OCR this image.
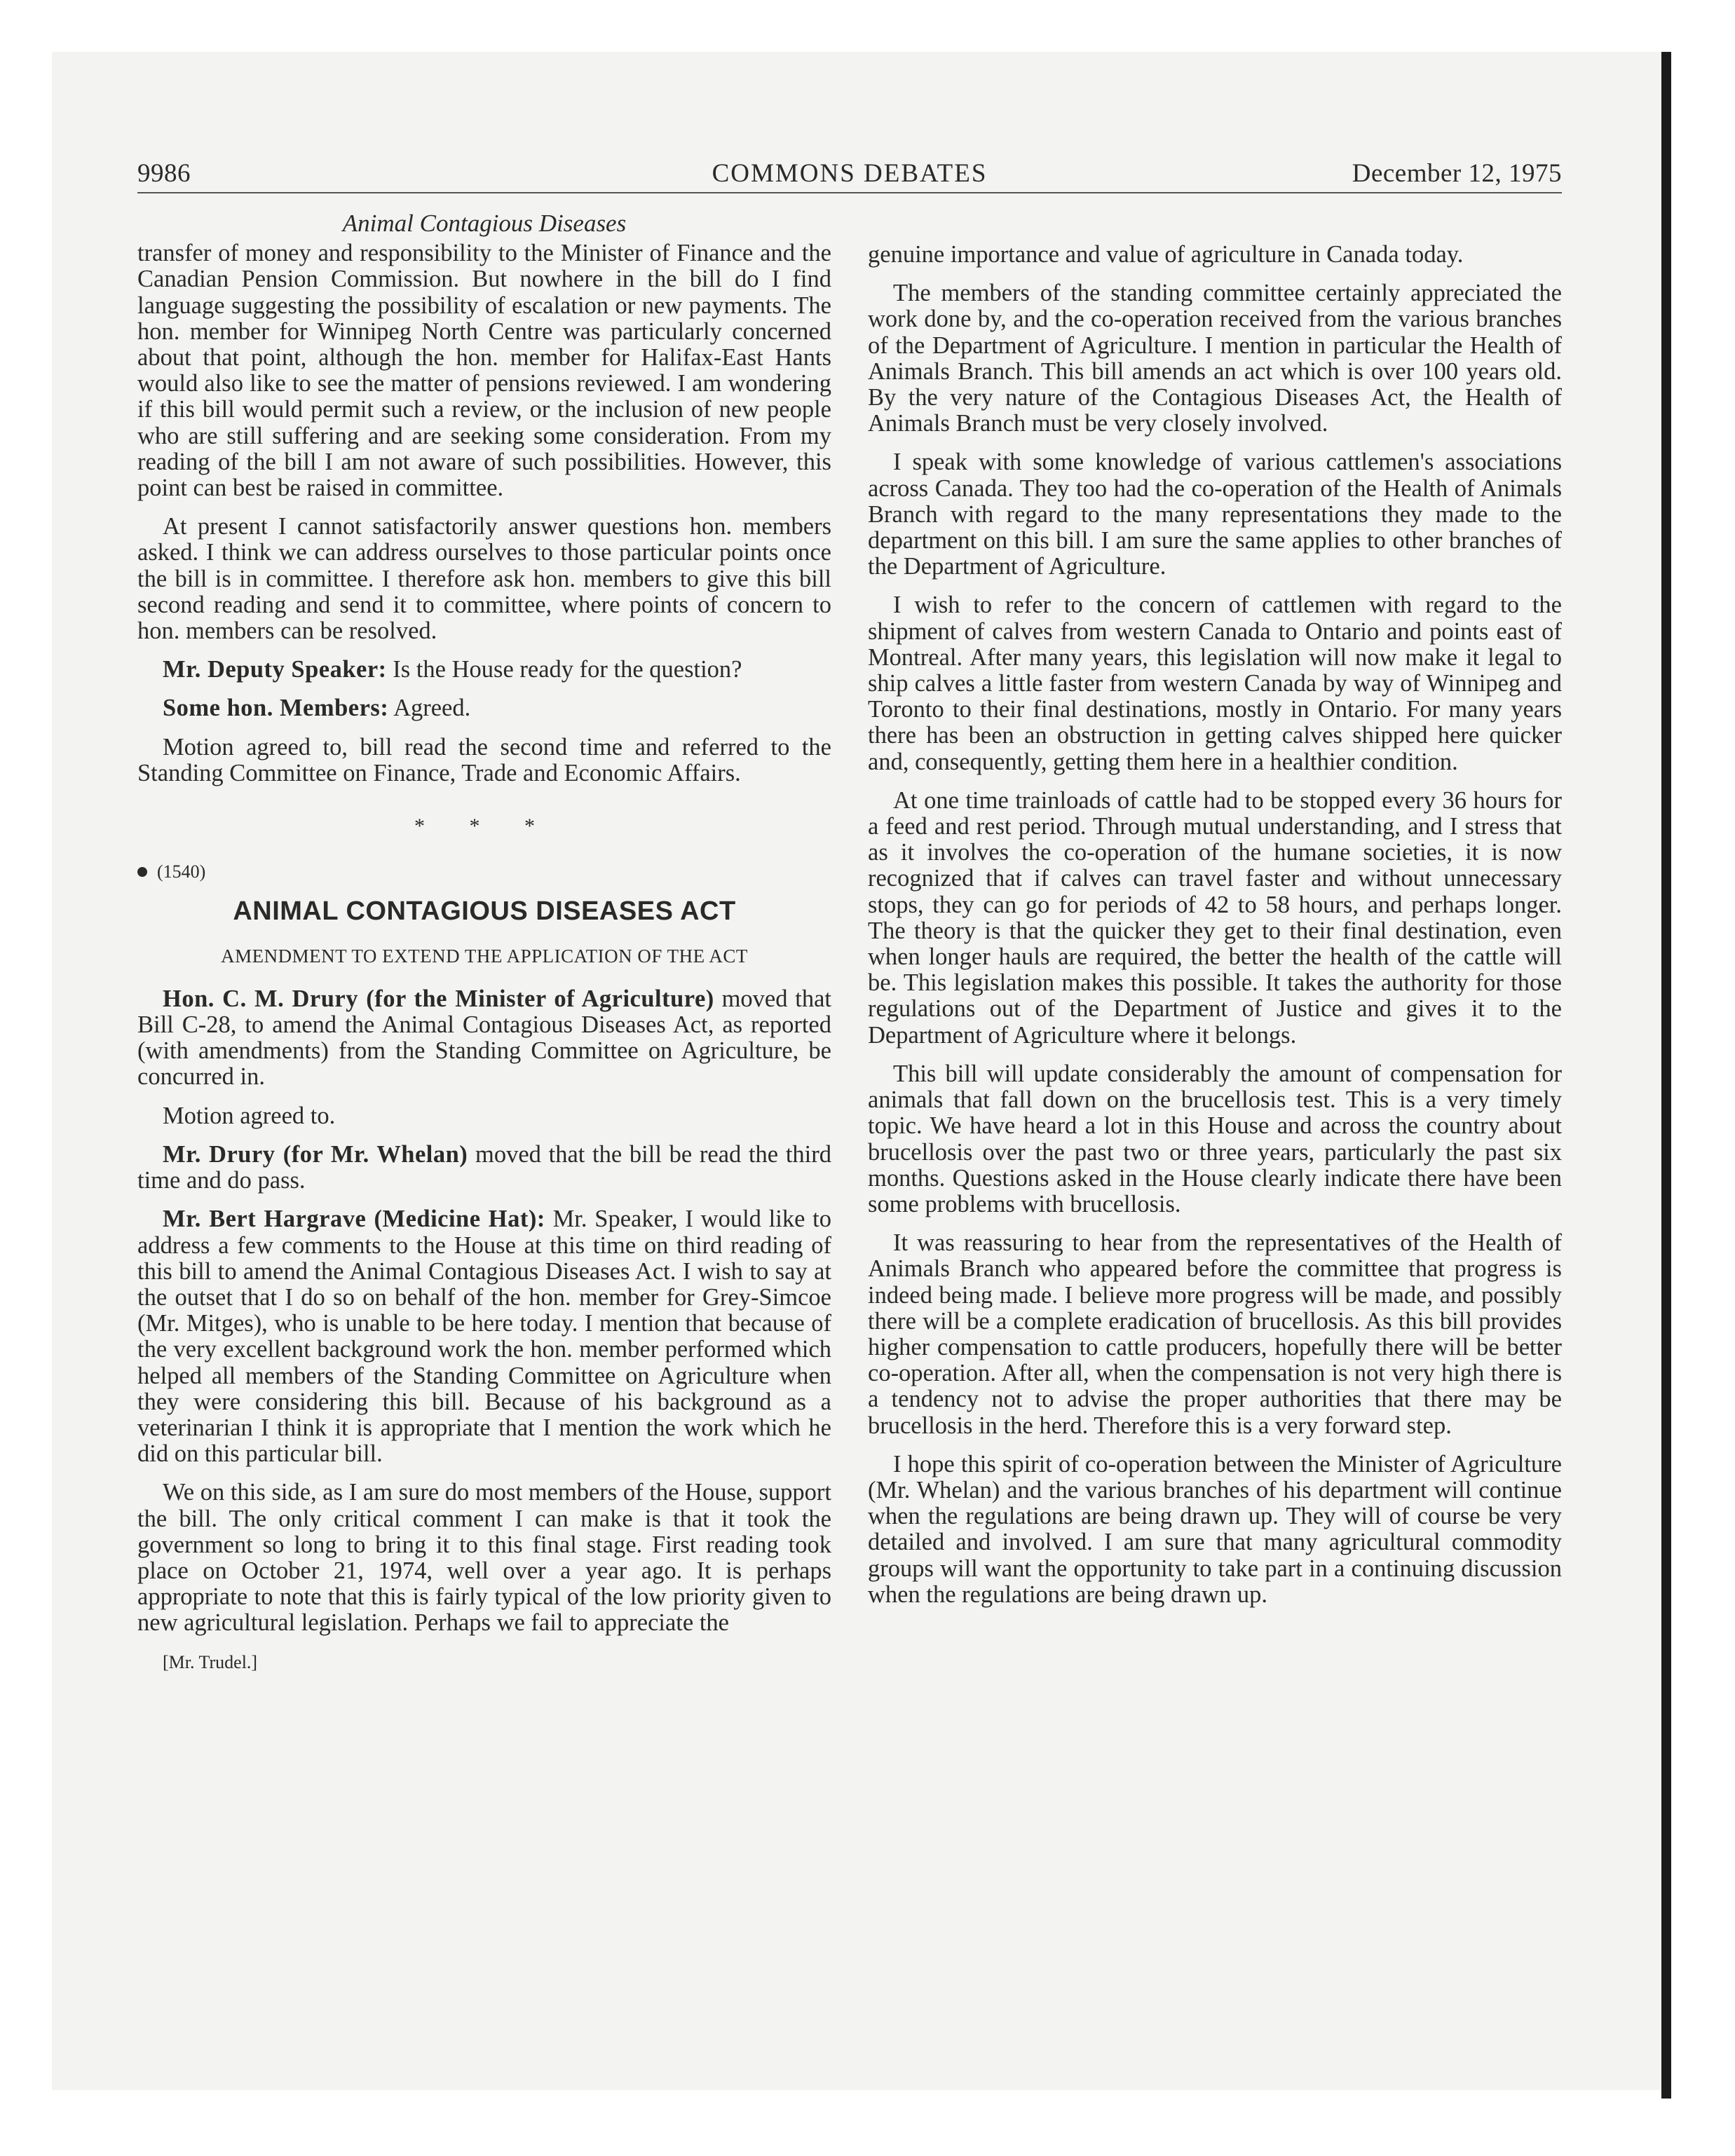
9986	COMMONS DEBATES	December 12, 1975
Animal Contagious Diseases

transfer of money and responsibility to the Minister of Finance and the Canadian Pension Commission. But nowhere in the bill do I find language suggesting the possibility of escalation or new payments. The hon. member for Winnipeg North Centre was particularly concerned about that point, although the hon. member for Halifax-East Hants would also like to see the matter of pensions reviewed. I am wondering if this bill would permit such a review, or the inclusion of new people who are still suffering and are seeking some consideration. From my reading of the bill I am not aware of such possibilities. However, this point can best be raised in committee.

At present I cannot satisfactorily answer questions hon. members asked. I think we can address ourselves to those particular points once the bill is in committee. I therefore ask hon. members to give this bill second reading and send it to committee, where points of concern to hon. members can be resolved.

Mr. Deputy Speaker: Is the House ready for the question?

Some hon. Members: Agreed.

Motion agreed to, bill read the second time and referred to the Standing Committee on Finance, Trade and Economic Affairs.

* * *
(1540)
ANIMAL CONTAGIOUS DISEASES ACT
AMENDMENT TO EXTEND THE APPLICATION OF THE ACT

Hon. C. M. Drury (for the Minister of Agriculture) moved that Bill C-28, to amend the Animal Contagious Diseases Act, as reported (with amendments) from the Standing Committee on Agriculture, be concurred in.

Motion agreed to.

Mr. Drury (for Mr. Whelan) moved that the bill be read the third time and do pass.

Mr. Bert Hargrave (Medicine Hat): Mr. Speaker, I would like to address a few comments to the House at this time on third reading of this bill to amend the Animal Contagious Diseases Act. I wish to say at the outset that I do so on behalf of the hon. member for Grey-Simcoe (Mr. Mitges), who is unable to be here today. I mention that because of the very excellent background work the hon. member performed which helped all members of the Standing Committee on Agriculture when they were considering this bill. Because of his background as a veterinarian I think it is appropriate that I mention the work which he did on this particular bill.

We on this side, as I am sure do most members of the House, support the bill. The only critical comment I can make is that it took the government so long to bring it to this final stage. First reading took place on October 21, 1974, well over a year ago. It is perhaps appropriate to note that this is fairly typical of the low priority given to new agricultural legislation. Perhaps we fail to appreciate the

[Mr. Trudel.]

genuine importance and value of agriculture in Canada today.

The members of the standing committee certainly appreciated the work done by, and the co-operation received from the various branches of the Department of Agriculture. I mention in particular the Health of Animals Branch. This bill amends an act which is over 100 years old. By the very nature of the Contagious Diseases Act, the Health of Animals Branch must be very closely involved.

I speak with some knowledge of various cattlemen's associations across Canada. They too had the co-operation of the Health of Animals Branch with regard to the many representations they made to the department on this bill. I am sure the same applies to other branches of the Department of Agriculture.

I wish to refer to the concern of cattlemen with regard to the shipment of calves from western Canada to Ontario and points east of Montreal. After many years, this legislation will now make it legal to ship calves a little faster from western Canada by way of Winnipeg and Toronto to their final destinations, mostly in Ontario. For many years there has been an obstruction in getting calves shipped here quicker and, consequently, getting them here in a healthier condition.

At one time trainloads of cattle had to be stopped every 36 hours for a feed and rest period. Through mutual understanding, and I stress that as it involves the co-operation of the humane societies, it is now recognized that if calves can travel faster and without unnecessary stops, they can go for periods of 42 to 58 hours, and perhaps longer. The theory is that the quicker they get to their final destination, even when longer hauls are required, the better the health of the cattle will be. This legislation makes this possible. It takes the authority for those regulations out of the Department of Justice and gives it to the Department of Agriculture where it belongs.

This bill will update considerably the amount of compensation for animals that fall down on the brucellosis test. This is a very timely topic. We have heard a lot in this House and across the country about brucellosis over the past two or three years, particularly the past six months. Questions asked in the House clearly indicate there have been some problems with brucellosis.

It was reassuring to hear from the representatives of the Health of Animals Branch who appeared before the committee that progress is indeed being made. I believe more progress will be made, and possibly there will be a complete eradication of brucellosis. As this bill provides higher compensation to cattle producers, hopefully there will be better co-operation. After all, when the compensation is not very high there is a tendency not to advise the proper authorities that there may be brucellosis in the herd. Therefore this is a very forward step.

I hope this spirit of co-operation between the Minister of Agriculture (Mr. Whelan) and the various branches of his department will continue when the regulations are being drawn up. They will of course be very detailed and involved. I am sure that many agricultural commodity groups will want the opportunity to take part in a continuing discussion when the regulations are being drawn up.
